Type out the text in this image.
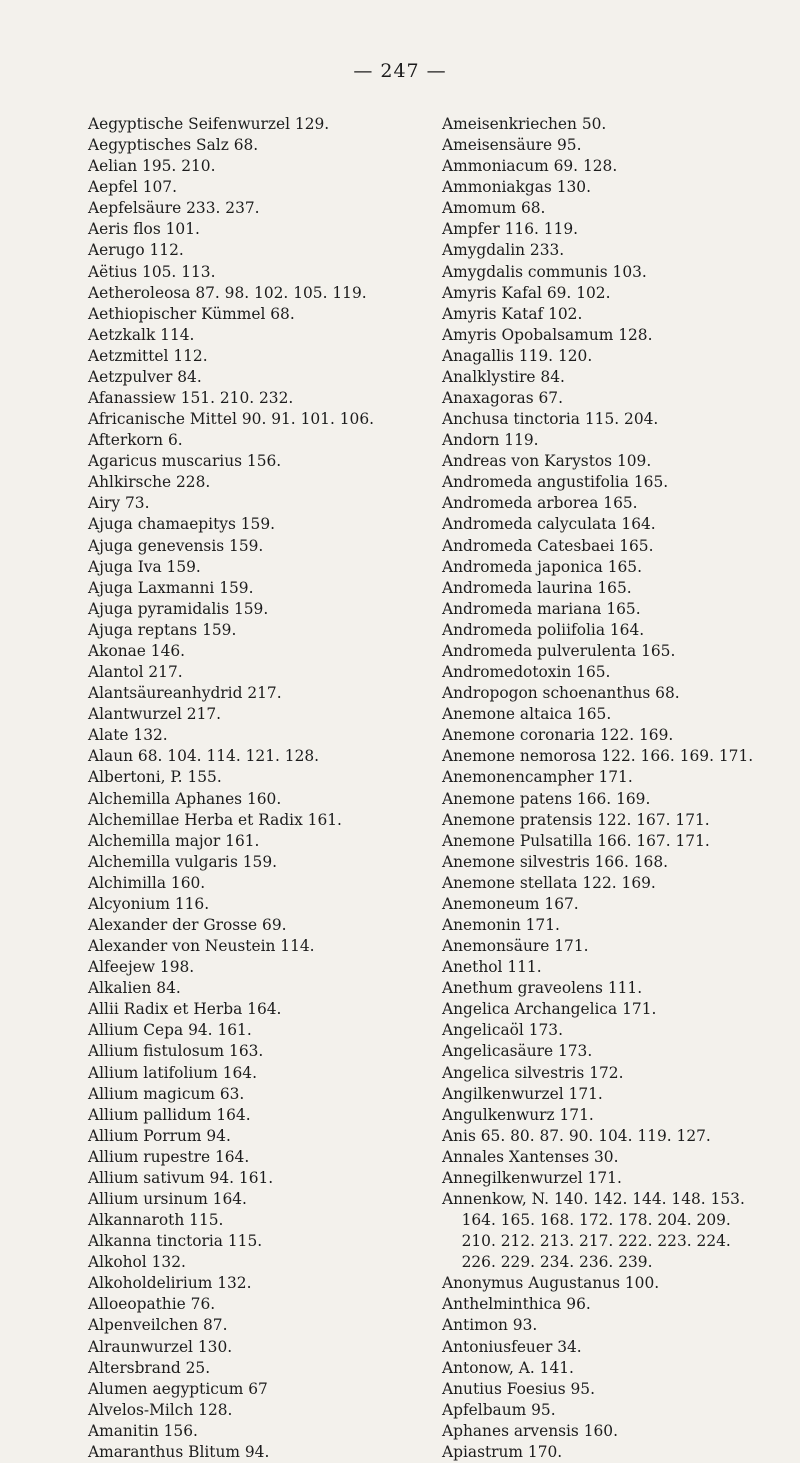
— 247 —
Aegyptische Seifenwurzel 129.
Aegyptisches Salz 68.
Aelian 195. 210.
Aepfel 107.
Aepfelsäure 233. 237.
Aeris flos 101.
Aerugo 112.
Aëtius 105. 113.
Aetheroleosa 87. 98. 102. 105. 119.
Aethiopischer Kümmel 68.
Aetzkalk 114.
Aetzmittel 112.
Aetzpulver 84.
Afanassiew 151. 210. 232.
Africanische Mittel 90. 91. 101. 106.
Afterkorn 6.
Agaricus muscarius 156.
Ahlkirsche 228.
Airy 73.
Ajuga chamaepitys 159.
Ajuga genevensis 159.
Ajuga Iva 159.
Ajuga Laxmanni 159.
Ajuga pyramidalis 159.
Ajuga reptans 159.
Akonae 146.
Alantol 217.
Alantsäureanhydrid 217.
Alantwurzel 217.
Alate 132.
Alaun 68. 104. 114. 121. 128.
Albertoni, P. 155.
Alchemilla Aphanes 160.
Alchemillae Herba et Radix 161.
Alchemilla major 161.
Alchemilla vulgaris 159.
Alchimilla 160.
Alcyonium 116.
Alexander der Grosse 69.
Alexander von Neustein 114.
Alfeejew 198.
Alkalien 84.
Allii Radix et Herba 164.
Allium Cepa 94. 161.
Allium fistulosum 163.
Allium latifolium 164.
Allium magicum 63.
Allium pallidum 164.
Allium Porrum 94.
Allium rupestre 164.
Allium sativum 94. 161.
Allium ursinum 164.
Alkannaroth 115.
Alkanna tinctoria 115.
Alkohol 132.
Alkoholdelirium 132.
Alloeopathie 76.
Alpenveilchen 87.
Alraunwurzel 130.
Altersbrand 25.
Alumen aegypticum 67
Alvelos-Milch 128.
Amanitin 156.
Amaranthus Blitum 94.
Ameisenkriechen 50.
Ameisensäure 95.
Ammoniacum 69. 128.
Ammoniakgas 130.
Amomum 68.
Ampfer 116. 119.
Amygdalin 233.
Amygdalis communis 103.
Amyris Kafal 69. 102.
Amyris Kataf 102.
Amyris Opobalsamum 128.
Anagallis 119. 120.
Analklystire 84.
Anaxagoras 67.
Anchusa tinctoria 115. 204.
Andorn 119.
Andreas von Karystos 109.
Andromeda angustifolia 165.
Andromeda arborea 165.
Andromeda calyculata 164.
Andromeda Catesbaei 165.
Andromeda japonica 165.
Andromeda laurina 165.
Andromeda mariana 165.
Andromeda poliifolia 164.
Andromeda pulverulenta 165.
Andromedotoxin 165.
Andropogon schoenanthus 68.
Anemone altaica 165.
Anemone coronaria 122. 169.
Anemone nemorosa 122. 166. 169. 171.
Anemonencampher 171.
Anemone patens 166. 169.
Anemone pratensis 122. 167. 171.
Anemone Pulsatilla 166. 167. 171.
Anemone silvestris 166. 168.
Anemone stellata 122. 169.
Anemoneum 167.
Anemonin 171.
Anemonsäure 171.
Anethol 111.
Anethum graveolens 111.
Angelica Archangelica 171.
Angelicaöl 173.
Angelicasäure 173.
Angelica silvestris 172.
Angilkenwurzel 171.
Angulkenwurz 171.
Anis 65. 80. 87. 90. 104. 119. 127.
Annales Xantenses 30.
Annegilkenwurzel 171.
Annenkow, N. 140. 142. 144. 148. 153.
164. 165. 168. 172. 178. 204. 209.
210. 212. 213. 217. 222. 223. 224.
226. 229. 234. 236. 239.
Anonymus Augustanus 100.
Anthelminthica 96.
Antimon 93.
Antoniusfeuer 34.
Antonow, A. 141.
Anutius Foesius 95.
Apfelbaum 95.
Aphanes arvensis 160.
Apiastrum 170.
